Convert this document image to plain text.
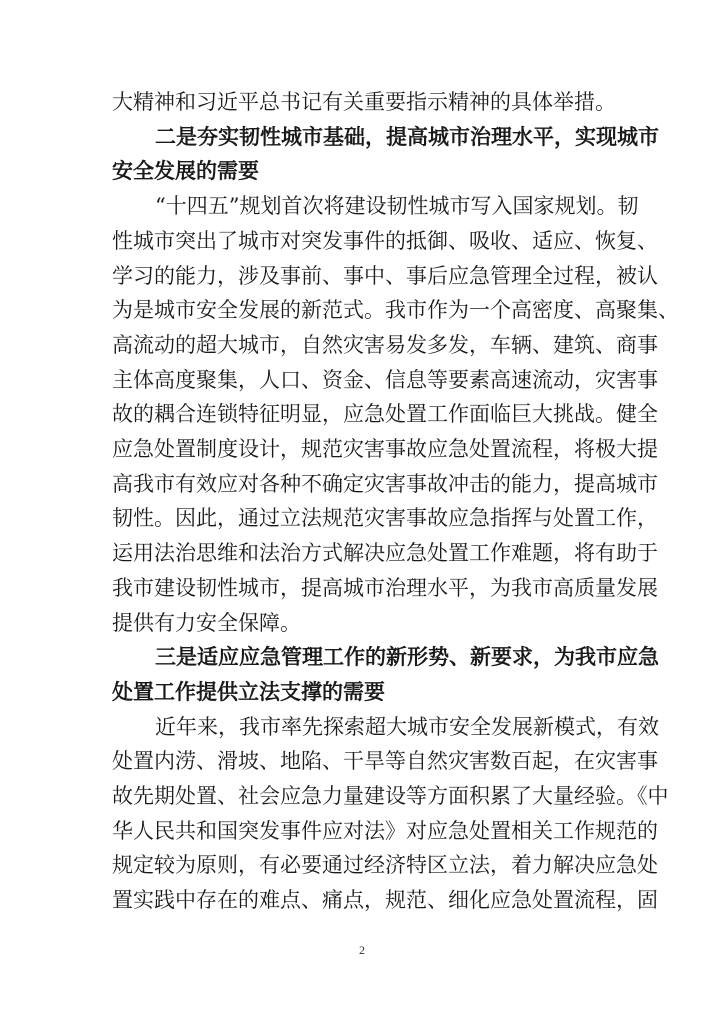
大精神和习近平总书记有关重要指示精神的具体举措。
二是夯实韧性城市基础，提高城市治理水平，实现城市
安全发展的需要
“十四五”规划首次将建设韧性城市写入国家规划。韧
性城市突出了城市对突发事件的抵御、吸收、适应、恢复、
学习的能力，涉及事前、事中、事后应急管理全过程，被认
为是城市安全发展的新范式。我市作为一个高密度、高聚集、
高流动的超大城市，自然灾害易发多发，车辆、建筑、商事
主体高度聚集，人口、资金、信息等要素高速流动，灾害事
故的耦合连锁特征明显，应急处置工作面临巨大挑战。健全
应急处置制度设计，规范灾害事故应急处置流程，将极大提
高我市有效应对各种不确定灾害事故冲击的能力，提高城市
韧性。因此，通过立法规范灾害事故应急指挥与处置工作，
运用法治思维和法治方式解决应急处置工作难题，将有助于
我市建设韧性城市，提高城市治理水平，为我市高质量发展
提供有力安全保障。
三是适应应急管理工作的新形势、新要求，为我市应急
处置工作提供立法支撑的需要
近年来，我市率先探索超大城市安全发展新模式，有效
处置内涝、滑坡、地陷、干旱等自然灾害数百起，在灾害事
故先期处置、社会应急力量建设等方面积累了大量经验。《中
华人民共和国突发事件应对法》对应急处置相关工作规范的
规定较为原则，有必要通过经济特区立法，着力解决应急处
置实践中存在的难点、痛点，规范、细化应急处置流程，固
2
